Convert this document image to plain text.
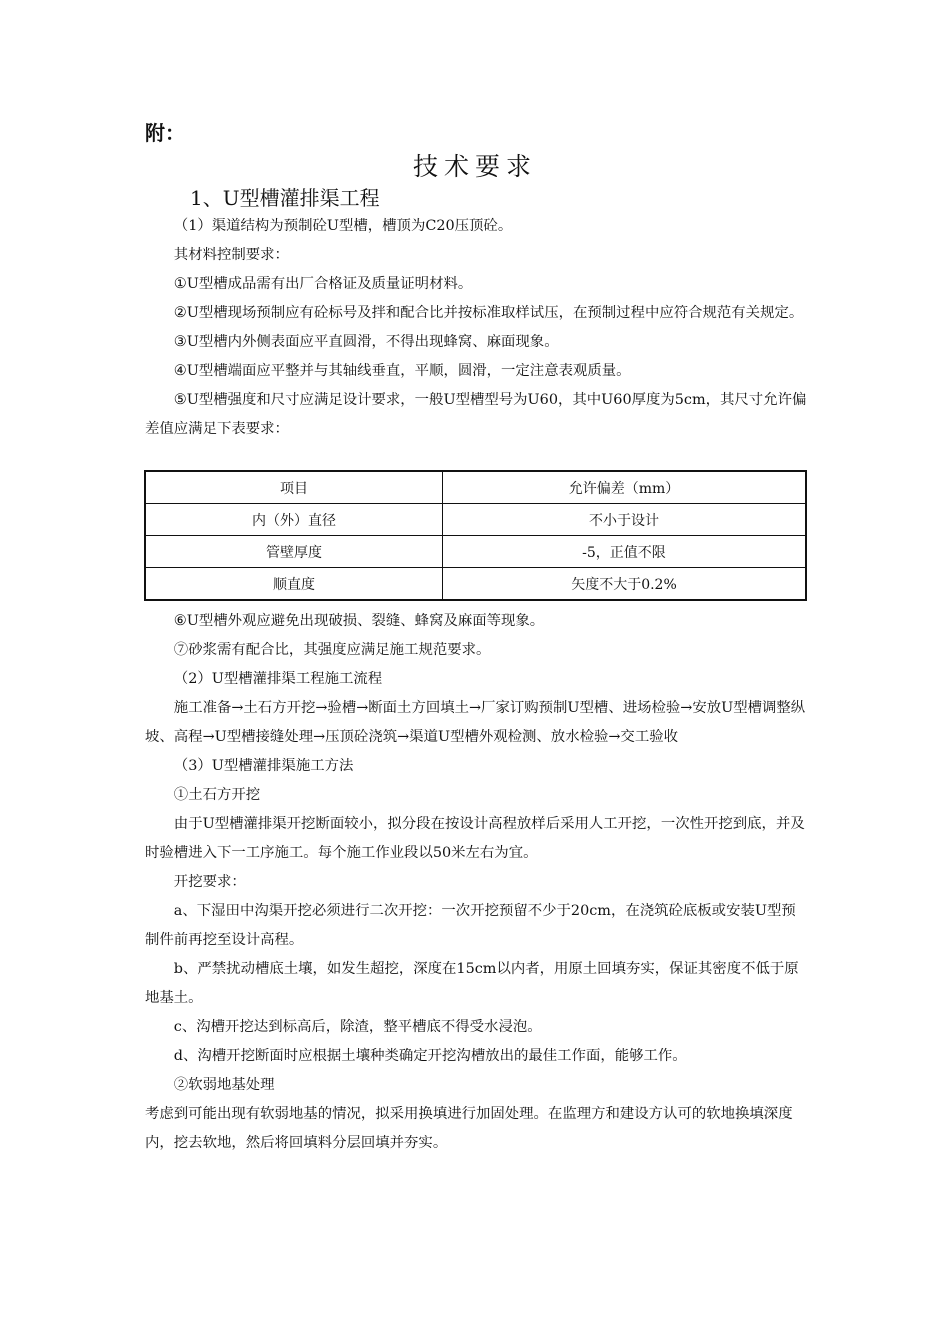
附：
技术要求
1、U型槽灌排渠工程

（1）渠道结构为预制砼U型槽，槽顶为C20压顶砼。

其材料控制要求：

①U型槽成品需有出厂合格证及质量证明材料。

②U型槽现场预制应有砼标号及拌和配合比并按标准取样试压，在预制过程中应符合规范有关规定。

③U型槽内外侧表面应平直圆滑，不得出现蜂窝、麻面现象。

④U型槽端面应平整并与其轴线垂直，平顺，圆滑，一定注意表观质量。

⑤U型槽强度和尺寸应满足设计要求，一般U型槽型号为U60，其中U60厚度为5cm，其尺寸允许偏差值应满足下表要求：

项目	允许偏差（mm）
内（外）直径	不小于设计
管壁厚度	-5，正值不限
顺直度	矢度不大于0.2%

⑥U型槽外观应避免出现破损、裂缝、蜂窝及麻面等现象。

⑦砂浆需有配合比，其强度应满足施工规范要求。

（2）U型槽灌排渠工程施工流程

施工准备→土石方开挖→验槽→断面土方回填土→厂家订购预制U型槽、进场检验→安放U型槽调整纵坡、高程→U型槽接缝处理→压顶砼浇筑→渠道U型槽外观检测、放水检验→交工验收

（3）U型槽灌排渠施工方法

①土石方开挖

由于U型槽灌排渠开挖断面较小，拟分段在按设计高程放样后采用人工开挖，一次性开挖到底，并及时验槽进入下一工序施工。每个施工作业段以50米左右为宜。

开挖要求：

a、下湿田中沟渠开挖必须进行二次开挖：一次开挖预留不少于20cm，在浇筑砼底板或安装U型预制件前再挖至设计高程。

b、严禁扰动槽底土壤，如发生超挖，深度在15cm以内者，用原土回填夯实，保证其密度不低于原地基土。

c、沟槽开挖达到标高后，除渣，整平槽底不得受水浸泡。

d、沟槽开挖断面时应根据土壤种类确定开挖沟槽放出的最佳工作面，能够工作。

②软弱地基处理

考虑到可能出现有软弱地基的情况，拟采用换填进行加固处理。在监理方和建设方认可的软地换填深度内，挖去软地，然后将回填料分层回填并夯实。
